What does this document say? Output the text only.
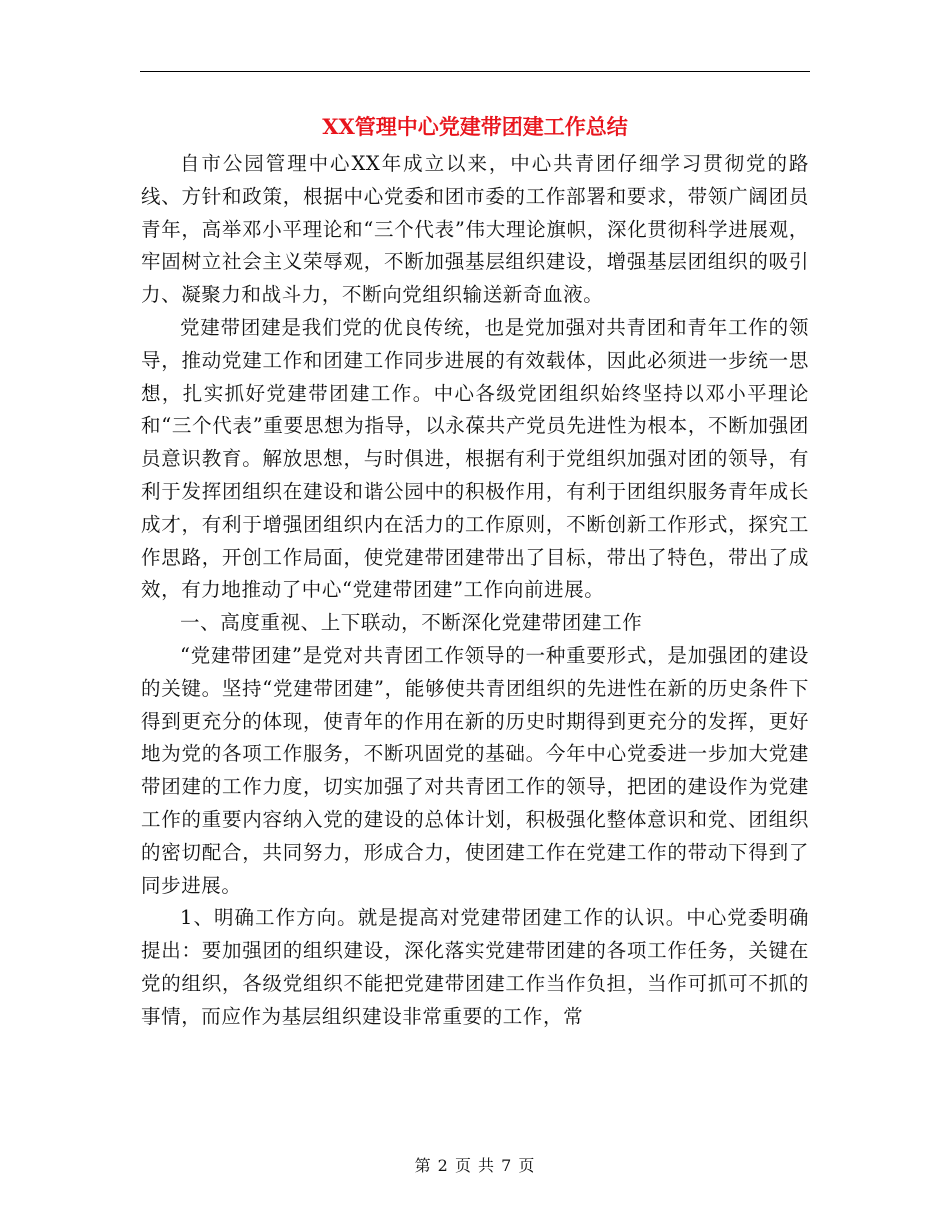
XX管理中心党建带团建工作总结

自市公园管理中心XX年成立以来，中心共青团仔细学习贯彻党的路线、方针和政策，根据中心党委和团市委的工作部署和要求，带领广阔团员青年，高举邓小平理论和“三个代表”伟大理论旗帜，深化贯彻科学进展观，牢固树立社会主义荣辱观，不断加强基层组织建设，增强基层团组织的吸引力、凝聚力和战斗力，不断向党组织输送新奇血液。

党建带团建是我们党的优良传统，也是党加强对共青团和青年工作的领导，推动党建工作和团建工作同步进展的有效载体，因此必须进一步统一思想，扎实抓好党建带团建工作。中心各级党团组织始终坚持以邓小平理论和“三个代表”重要思想为指导，以永葆共产党员先进性为根本，不断加强团员意识教育。解放思想，与时俱进，根据有利于党组织加强对团的领导，有利于发挥团组织在建设和谐公园中的积极作用，有利于团组织服务青年成长成才，有利于增强团组织内在活力的工作原则，不断创新工作形式，探究工作思路，开创工作局面，使党建带团建带出了目标，带出了特色，带出了成效，有力地推动了中心“党建带团建”工作向前进展。

一、高度重视、上下联动，不断深化党建带团建工作

“党建带团建”是党对共青团工作领导的一种重要形式，是加强团的建设的关键。坚持“党建带团建”，能够使共青团组织的先进性在新的历史条件下得到更充分的体现，使青年的作用在新的历史时期得到更充分的发挥，更好地为党的各项工作服务，不断巩固党的基础。今年中心党委进一步加大党建带团建的工作力度，切实加强了对共青团工作的领导，把团的建设作为党建工作的重要内容纳入党的建设的总体计划，积极强化整体意识和党、团组织的密切配合，共同努力，形成合力，使团建工作在党建工作的带动下得到了同步进展。

1、明确工作方向。就是提高对党建带团建工作的认识。中心党委明确提出：要加强团的组织建设，深化落实党建带团建的各项工作任务，关键在党的组织，各级党组织不能把党建带团建工作当作负担，当作可抓可不抓的事情，而应作为基层组织建设非常重要的工作，常

第 2 页 共 7 页
